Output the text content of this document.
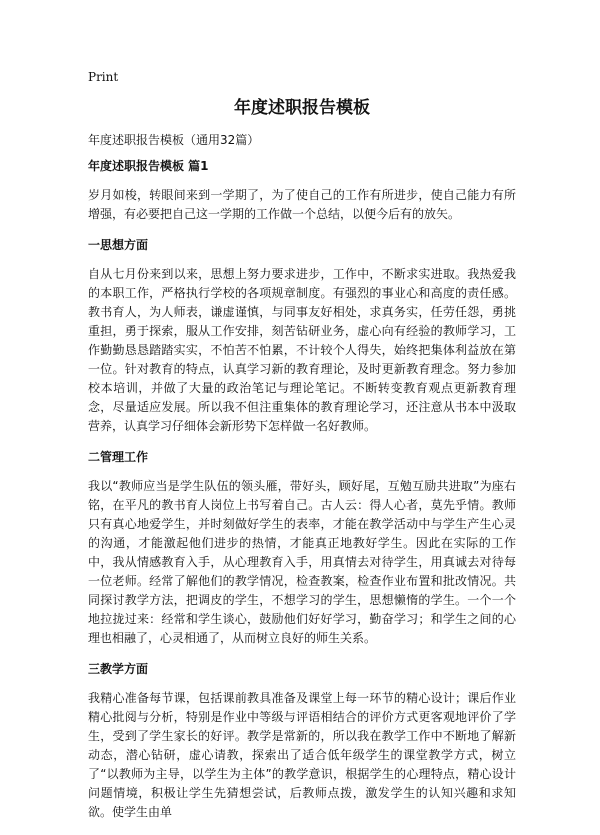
Print
年度述职报告模板

年度述职报告模板（通用32篇）

年度述职报告模板 篇1

岁月如梭，转眼间来到一学期了，为了使自己的工作有所进步，使自己能力有所增强，有必要把自己这一学期的工作做一个总结，以便今后有的放矢。

一思想方面

自从七月份来到以来，思想上努力要求进步，工作中，不断求实进取。我热爱我的本职工作，严格执行学校的各项规章制度。有强烈的事业心和高度的责任感。教书育人，为人师表，谦虚谨慎，与同事友好相处，求真务实，任劳任怨，勇挑重担，勇于探索，服从工作安排，刻苦钻研业务，虚心向有经验的教师学习，工作勤勤恳恳踏踏实实，不怕苦不怕累，不计较个人得失，始终把集体利益放在第一位。针对教育的特点，认真学习新的教育理论，及时更新教育理念。努力参加校本培训，并做了大量的政治笔记与理论笔记。不断转变教育观点更新教育理念，尽量适应发展。所以我不但注重集体的教育理论学习，还注意从书本中汲取营养，认真学习仔细体会新形势下怎样做一名好教师。

二管理工作

我以“教师应当是学生队伍的领头雁，带好头，顾好尾，互勉互励共进取”为座右铭，在平凡的教书育人岗位上书写着自己。古人云：得人心者，莫先乎情。教师只有真心地爱学生，并时刻做好学生的表率，才能在教学活动中与学生产生心灵的沟通，才能激起他们进步的热情，才能真正地教好学生。因此在实际的工作中，我从情感教育入手，从心理教育入手，用真情去对待学生，用真诚去对待每一位老师。经常了解他们的教学情况，检查教案，检查作业布置和批改情况。共同探讨教学方法，把调皮的学生，不想学习的学生，思想懒惰的学生。一个一个地拉拢过来：经常和学生谈心，鼓励他们好好学习，勤奋学习；和学生之间的心理也相融了，心灵相通了，从而树立良好的师生关系。

三教学方面

我精心准备每节课，包括课前教具准备及课堂上每一环节的精心设计；课后作业精心批阅与分析，特别是作业中等级与评语相结合的评价方式更客观地评价了学生，受到了学生家长的好评。教学是常新的，所以我在教学工作中不断地了解新动态，潜心钻研，虚心请教，探索出了适合低年级学生的课堂教学方式，树立了“以教师为主导，以学生为主体”的教学意识，根据学生的心理特点，精心设计问题情境，积极让学生先猜想尝试，后教师点拨，激发学生的认知兴趣和求知欲。使学生由单
